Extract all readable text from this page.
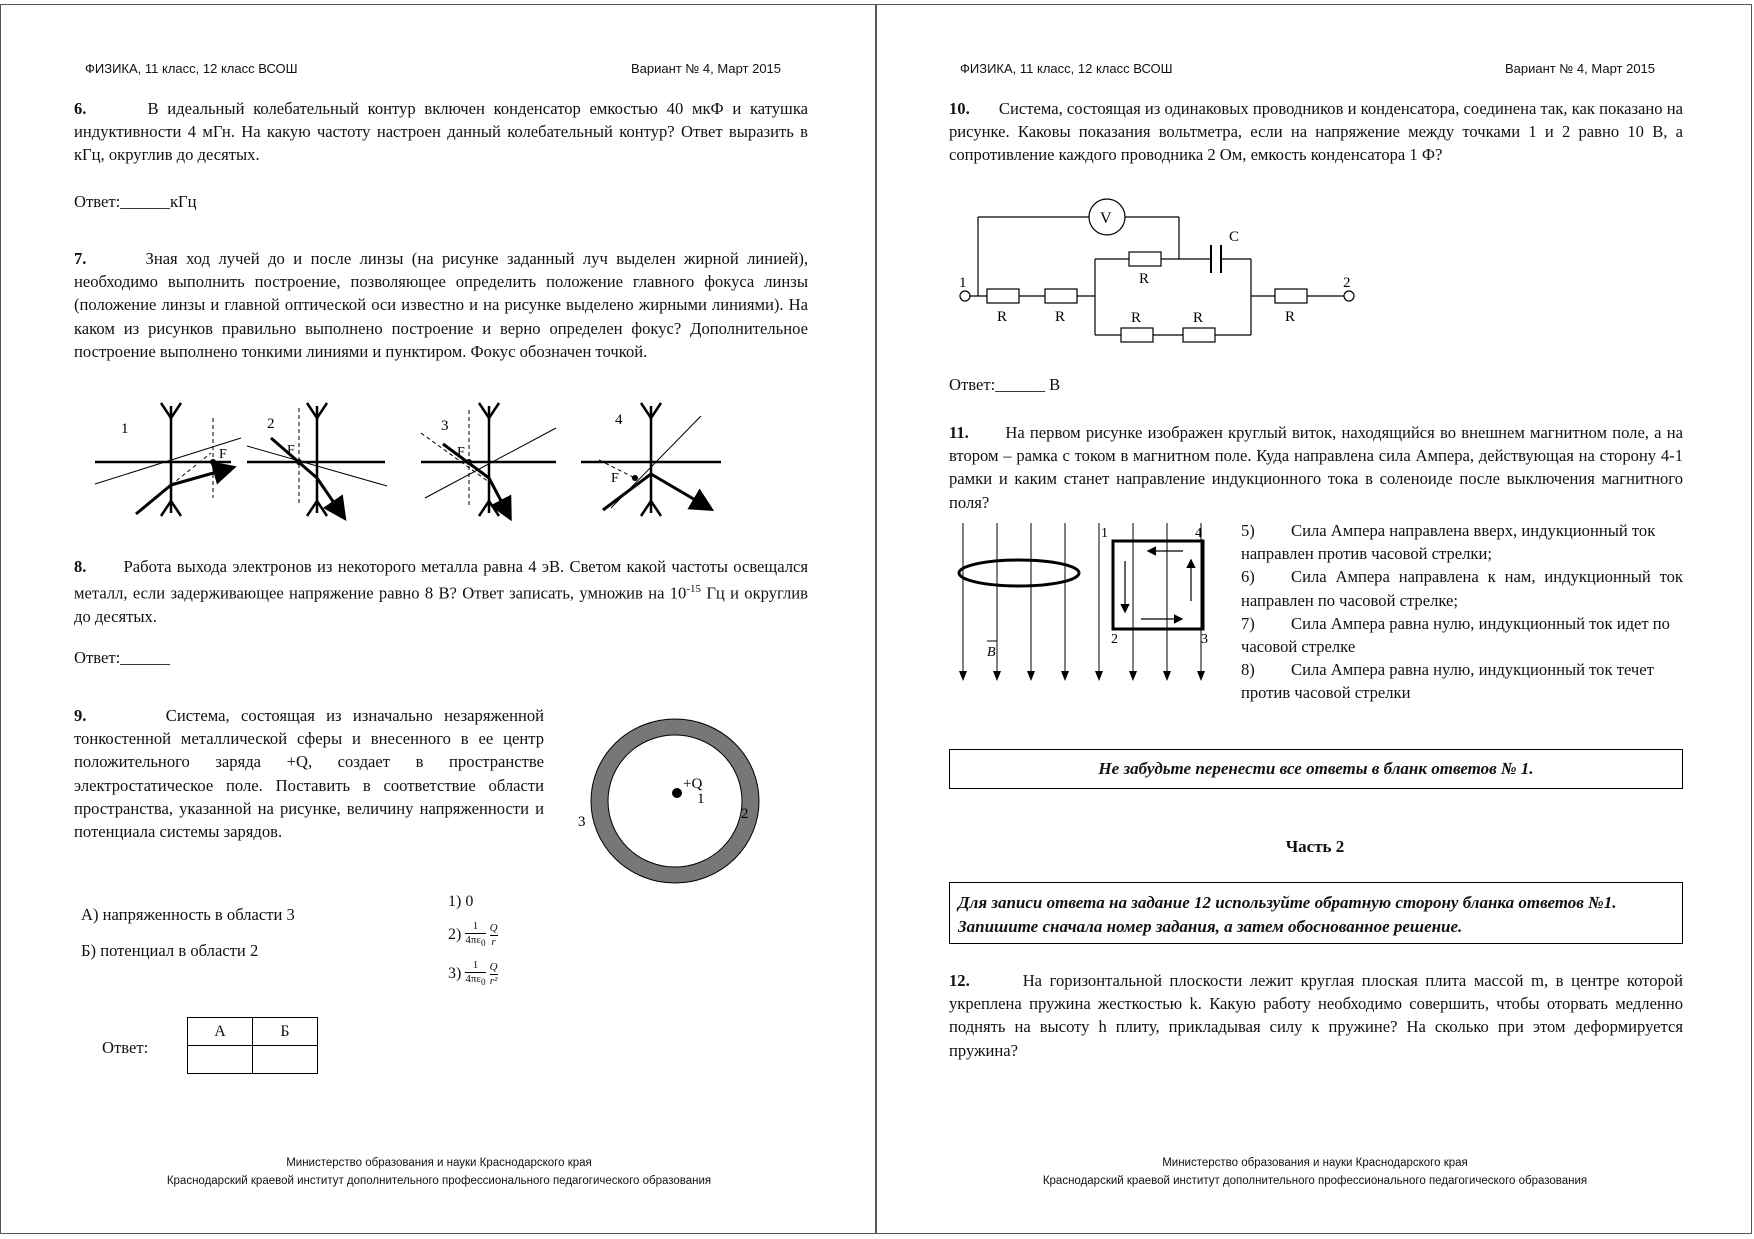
ФИЗИКА, 11 класс, 12 класс ВСОШ	Вариант № 4, Март 2015
6.	В идеальный колебательный контур включен конденсатор емкостью 40 мкФ и катушка индуктивности 4 мГн. На какую частоту настроен данный колебательный контур? Ответ выразить в кГц, округлив до десятых.
Ответ:______кГц
7.	Зная ход лучей до и после линзы (на рисунке заданный луч выделен жирной линией), необходимо выполнить построение, позволяющее определить положение главного фокуса линзы (положение линзы и главной оптической оси известно и на рисунке выделено жирными линиями). На каком из рисунков правильно выполнено построение и верно определен фокус? Дополнительное построение выполнено тонкими линиями и пунктиром. Фокус обозначен точкой.
1
F
2
F
3
F
4
F
8. Работа выхода электронов из некоторого металла равна 4 эВ. Светом какой частоты освещался металл, если задерживающее напряжение равно 8 В? Ответ записать, умножив на $10^{-15}$ Гц и округлив до десятых.
Ответ:______
9.	Система, состоящая из изначально незаряженной тонкостенной металлической сферы и внесенного в ее центр положительного заряда +Q, создает в пространстве электростатическое поле. Поставить в соответствие области пространства, указанной на рисунке, величину напряженности и потенциала системы зарядов.
+Q
1
2
3
А) напряженность в области 3
Б) потенциал в области 2
1) 0
$2) \frac{1}{4\pi\varepsilon_0}$
$\frac{Q}{r}$
$3) \frac{1}{4\pi\varepsilon_0}$
$\frac{Q}{\text{r²}}$
Ответ:
А	Б

Министерство образования и науки Краснодарского края
Краснодарский краевой институт дополнительного профессионального педагогического образования
ФИЗИКА, 11 класс, 12 класс ВСОШ	Вариант № 4, Март 2015
10. Система, состоящая из одинаковых проводников и конденсатора, соединена так, как показано на рисунке. Каковы показания вольтметра, если на напряжение между точками 1 и 2 равно 10 В, а сопротивление каждого проводника 2 Ом, емкость конденсатора 1 Ф?
V
C
R
R	R	R	R	R
1	2
Ответ:______ В
11. На первом рисунке изображен круглый виток, находящийся во внешнем магнитном поле, а на втором – рамка с током в магнитном поле. Куда направлена сила Ампера, действующая на сторону 4-1 рамки и каким станет направление индукционного тока в соленоиде после выключения магнитного поля?
B
1
2	3
4 5) Сила Ампера направлена вверх, индукционный ток направлен против часовой стрелки;
6) Сила Ампера направлена к нам, индукционный ток направлен по часовой стрелке;
7) Сила Ампера равна нулю, индукционный ток идет по часовой стрелке
8) Сила Ампера равна нулю, индукционный ток течет против часовой стрелки
Не забудьте перенести все ответы в бланк ответов № 1.
Часть 2
Для записи ответа на задание 12 используйте обратную сторону бланка ответов №1. Запишите сначала номер задания, а затем обоснованное решение.
12.	На горизонтальной плоскости лежит круглая плоская плита массой m, в центре которой укреплена пружина жесткостью k. Какую работу необходимо совершить, чтобы оторвать медленно поднять на высоту h плиту, прикладывая силу к пружине? На сколько при этом деформируется пружина?
Министерство образования и науки Краснодарского края
Краснодарский краевой институт дополнительного профессионального педагогического образования
